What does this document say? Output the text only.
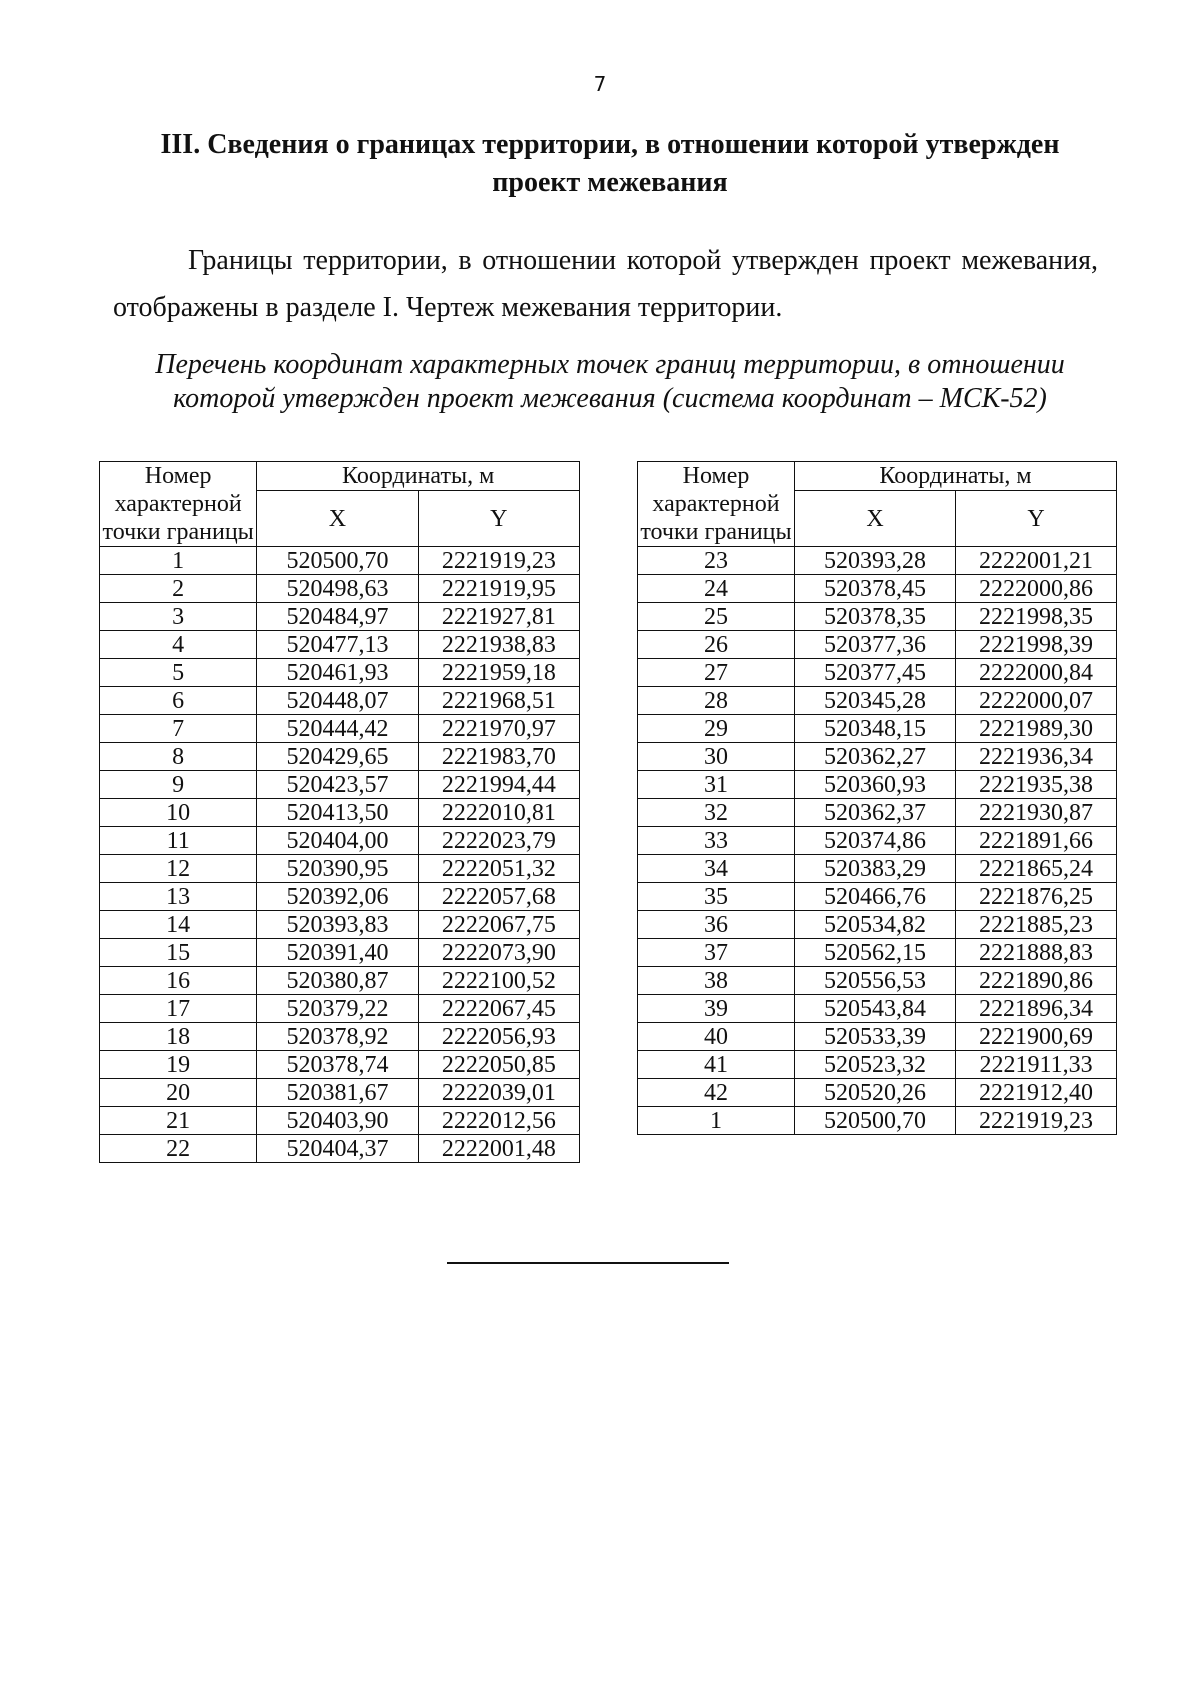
7
III. Сведения о границах территории, в отношении которой утвержден проект межевания
Границы территории, в отношении которой утвержден проект межевания, отображены в разделе I. Чертеж межевания территории.
Перечень координат характерных точек границ территории, в отношении которой утвержден проект межевания (система координат – МСК-52)
Номер характерной точки границы	Координаты, м	
	X	Y
1	520500,70	2221919,23
2	520498,63	2221919,95
3	520484,97	2221927,81
4	520477,13	2221938,83
5	520461,93	2221959,18
6	520448,07	2221968,51
7	520444,42	2221970,97
8	520429,65	2221983,70
9	520423,57	2221994,44
10	520413,50	2222010,81
11	520404,00	2222023,79
12	520390,95	2222051,32
13	520392,06	2222057,68
14	520393,83	2222067,75
15	520391,40	2222073,90
16	520380,87	2222100,52
17	520379,22	2222067,45
18	520378,92	2222056,93
19	520378,74	2222050,85
20	520381,67	2222039,01
21	520403,90	2222012,56
22	520404,37	2222001,48
Номер характерной точки границы	Координаты, м	
	X	Y
23	520393,28	2222001,21
24	520378,45	2222000,86
25	520378,35	2221998,35
26	520377,36	2221998,39
27	520377,45	2222000,84
28	520345,28	2222000,07
29	520348,15	2221989,30
30	520362,27	2221936,34
31	520360,93	2221935,38
32	520362,37	2221930,87
33	520374,86	2221891,66
34	520383,29	2221865,24
35	520466,76	2221876,25
36	520534,82	2221885,23
37	520562,15	2221888,83
38	520556,53	2221890,86
39	520543,84	2221896,34
40	520533,39	2221900,69
41	520523,32	2221911,33
42	520520,26	2221912,40
1	520500,70	2221919,23
